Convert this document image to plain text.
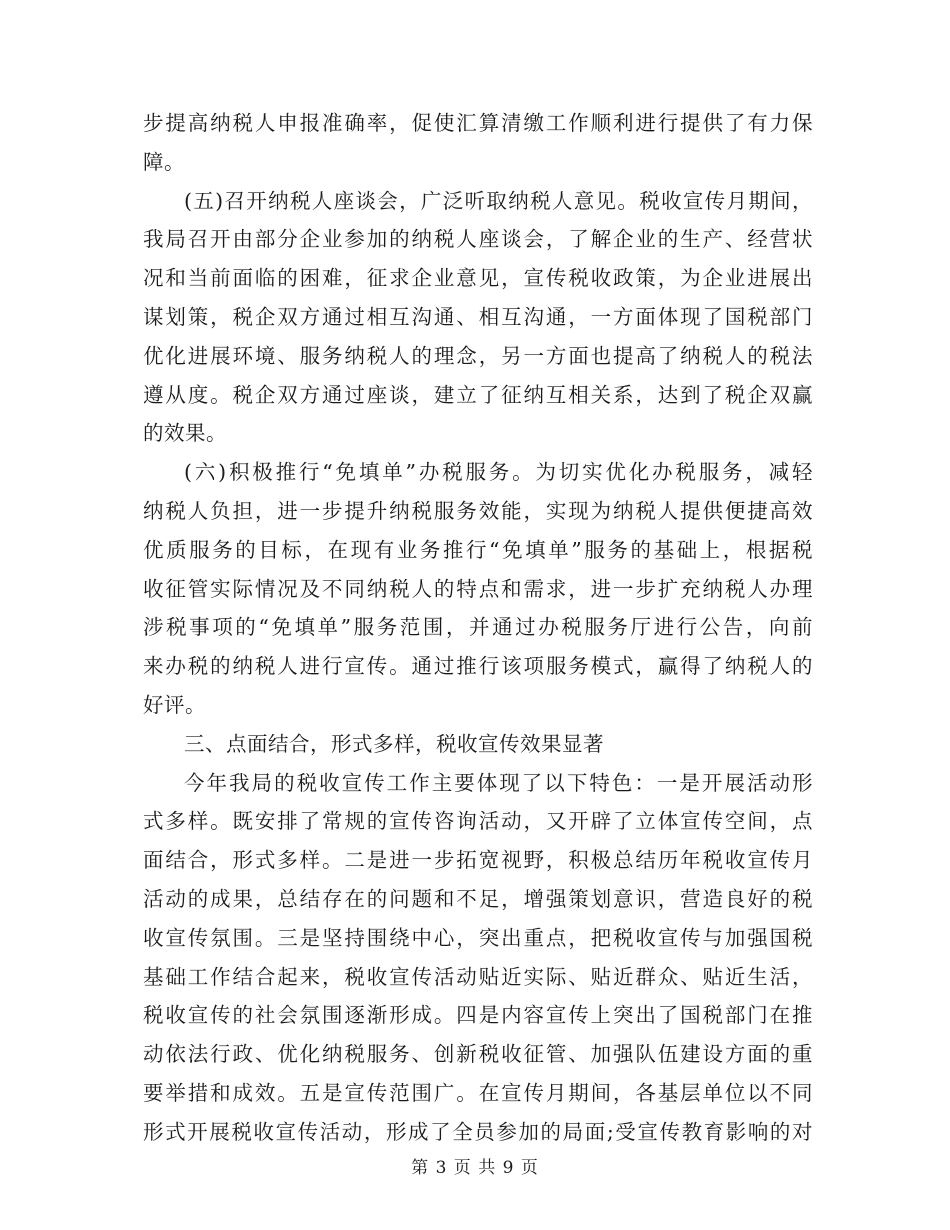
步提高纳税人申报准确率，促使汇算清缴工作顺利进行提供了有力保
障。
(五)召开纳税人座谈会，广泛听取纳税人意见。税收宣传月期间，
我局召开由部分企业参加的纳税人座谈会，了解企业的生产、经营状
况和当前面临的困难，征求企业意见，宣传税收政策，为企业进展出
谋划策，税企双方通过相互沟通、相互沟通，一方面体现了国税部门
优化进展环境、服务纳税人的理念，另一方面也提高了纳税人的税法
遵从度。税企双方通过座谈，建立了征纳互相关系，达到了税企双赢
的效果。
(六)积极推行“免填单”办税服务。为切实优化办税服务，减轻
纳税人负担，进一步提升纳税服务效能，实现为纳税人提供便捷高效
优质服务的目标，在现有业务推行“免填单”服务的基础上，根据税
收征管实际情况及不同纳税人的特点和需求，进一步扩充纳税人办理
涉税事项的“免填单”服务范围，并通过办税服务厅进行公告，向前
来办税的纳税人进行宣传。通过推行该项服务模式，赢得了纳税人的
好评。
三、点面结合，形式多样，税收宣传效果显著
今年我局的税收宣传工作主要体现了以下特色：一是开展活动形
式多样。既安排了常规的宣传咨询活动，又开辟了立体宣传空间，点
面结合，形式多样。二是进一步拓宽视野，积极总结历年税收宣传月
活动的成果，总结存在的问题和不足，增强策划意识，营造良好的税
收宣传氛围。三是坚持围绕中心，突出重点，把税收宣传与加强国税
基础工作结合起来，税收宣传活动贴近实际、贴近群众、贴近生活，
税收宣传的社会氛围逐渐形成。四是内容宣传上突出了国税部门在推
动依法行政、优化纳税服务、创新税收征管、加强队伍建设方面的重
要举措和成效。五是宣传范围广。在宣传月期间，各基层单位以不同
形式开展税收宣传活动，形成了全员参加的局面;受宣传教育影响的对
第 3 页 共 9 页
